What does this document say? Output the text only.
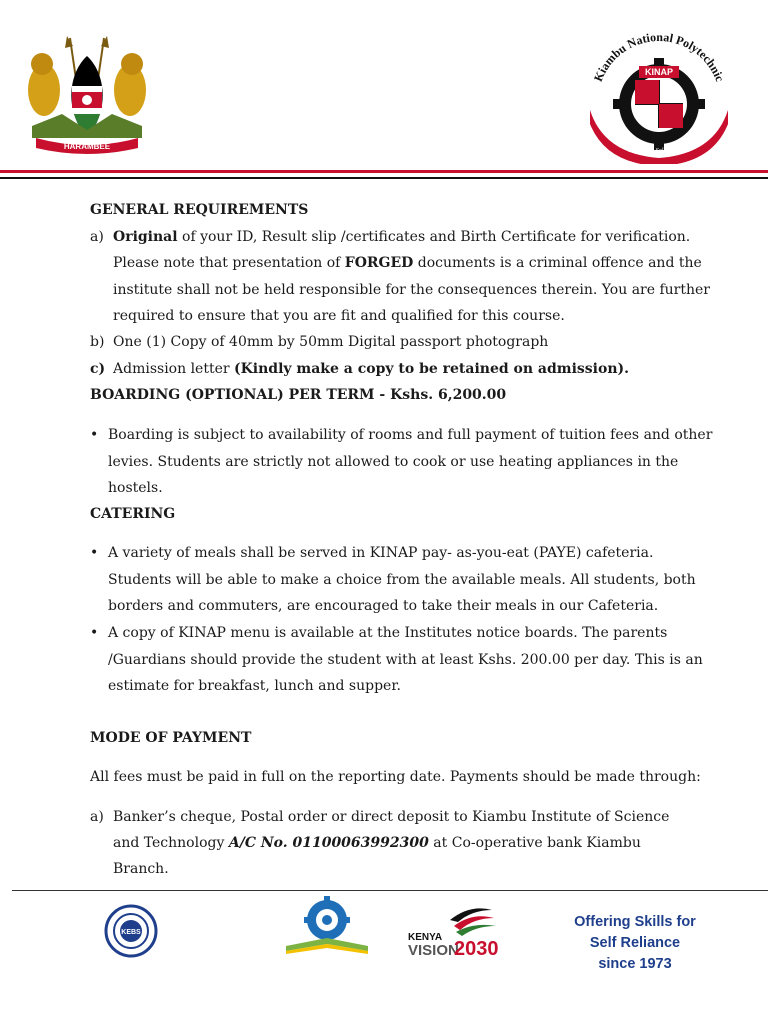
HARAMBEE
Kiambu National Polytechnic
KINAP
Skills For Self Reliance
GENERAL REQUIREMENTS
a) Original of your ID, Result slip /certificates and Birth Certificate for verification.
Please note that presentation of FORGED documents is a criminal offence and the
institute shall not be held responsible for the consequences therein. You are further
required to ensure that you are fit and qualified for this course.
b) One (1) Copy of 40mm by 50mm Digital passport photograph
c) Admission letter (Kindly make a copy to be retained on admission).
BOARDING (OPTIONAL) PER TERM - Kshs. 6,200.00
• Boarding is subject to availability of rooms and full payment of tuition fees and other
levies. Students are strictly not allowed to cook or use heating appliances in the
hostels.
CATERING
• A variety of meals shall be served in KINAP pay- as-you-eat (PAYE) cafeteria.
Students will be able to make a choice from the available meals. All students, both
borders and commuters, are encouraged to take their meals in our Cafeteria.
• A copy of KINAP menu is available at the Institutes notice boards. The parents
/Guardians should provide the student with at least Kshs. 200.00 per day. This is an
estimate for breakfast, lunch and supper.
MODE OF PAYMENT
All fees must be paid in full on the reporting date. Payments should be made through:
a) Banker’s cheque, Postal order or direct deposit to Kiambu Institute of Science
and Technology A/C No. 01100063992300 at Co-operative bank Kiambu
Branch.
KEBS	KENYA
VISION
2030
Offering Skills for
Self Reliance
since 1973
